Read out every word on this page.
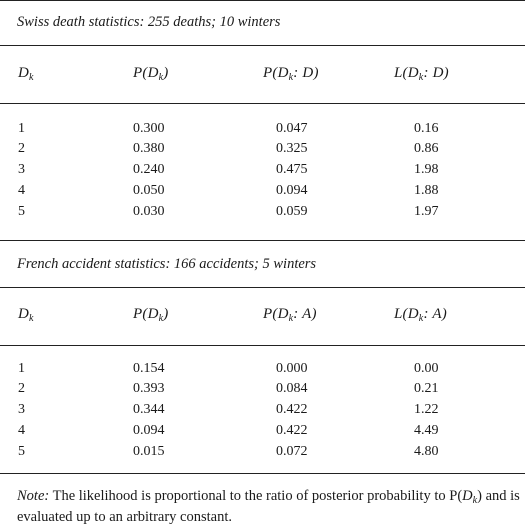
Swiss death statistics: 255 deaths; 10 winters
$D_k$	$P(D_k)$	$P(D_k$: D)	$L(D_k$: D)
1	0.300	0.047	0.16
2	0.380	0.325	0.86
3	0.240	0.475	1.98
4	0.050	0.094	1.88
5	0.030	0.059	1.97
French accident statistics: 166 accidents; 5 winters
$D_k$	$P(D_k)$	$P(D_k$: A)	$L(D_k$: A)
1	0.154	0.000	0.00
2	0.393	0.084	0.21
3	0.344	0.422	1.22
4	0.094	0.422	4.49
5	0.015	0.072	4.80
Note: The likelihood is proportional to the ratio of posterior probability to $P(D_k)$ and is evaluated up to an arbitrary constant.
